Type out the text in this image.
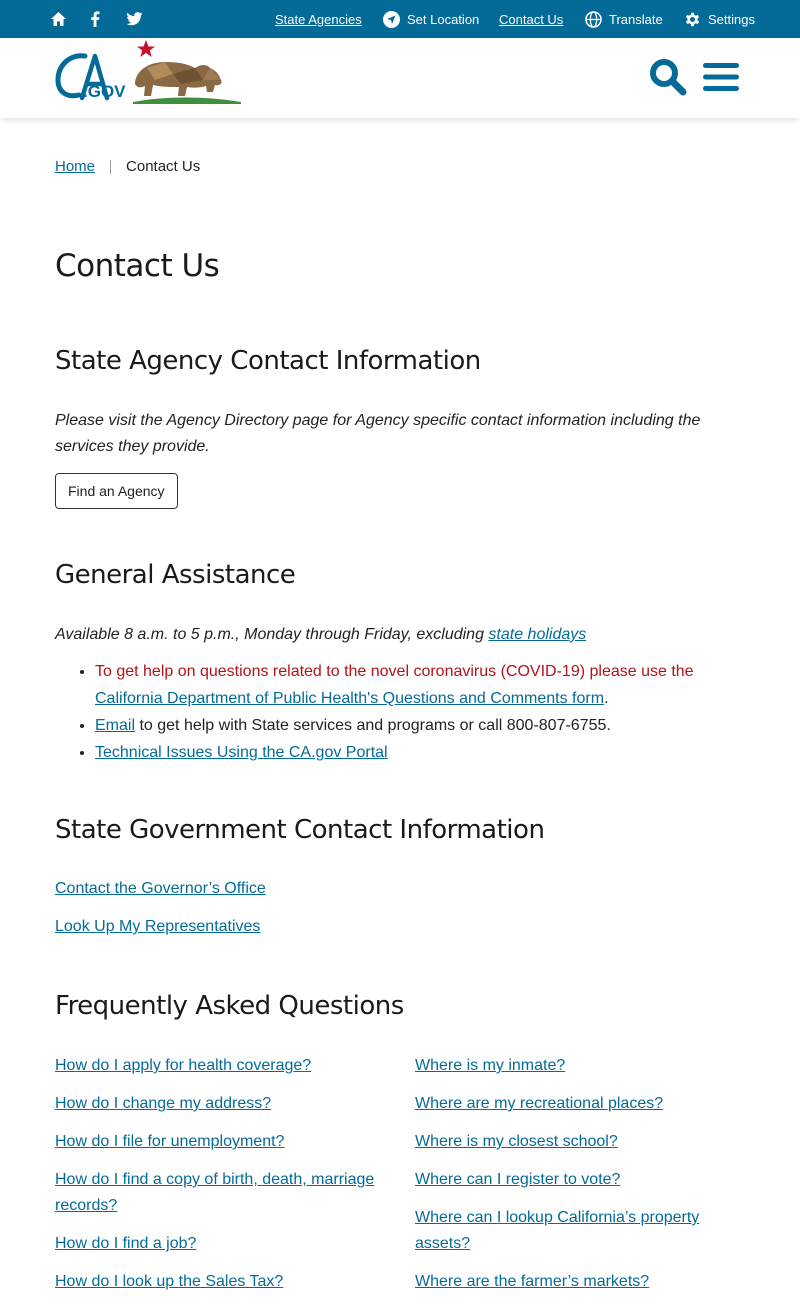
State Agencies	Set Location Contact Us	Translate	Settings
.GOV
Home Contact Us
Contact Us
State Agency Contact Information

Please visit the Agency Directory page for Agency specific contact information including the services they provide.

Find an Agency
General Assistance

Available 8 a.m. to 5 p.m., Monday through Friday, excluding state holidays

• To get help on questions related to the novel coronavirus (COVID-19) please use the California Department of Public Health's Questions and Comments form.
• Email to get help with State services and programs or call 800-807-6755.
• Technical Issues Using the CA.gov Portal
State Government Contact Information
Contact the Governor’s Office
Look Up My Representatives
Frequently Asked Questions
How do I apply for health coverage?
How do I change my address?
How do I file for unemployment?
How do I find a copy of birth, death, marriage records?
How do I find a job?
How do I look up the Sales Tax?
Where is my inmate?
Where are my recreational places?
Where is my closest school?
Where can I register to vote?
Where can I lookup California’s property assets?
Where are the farmer’s markets?
